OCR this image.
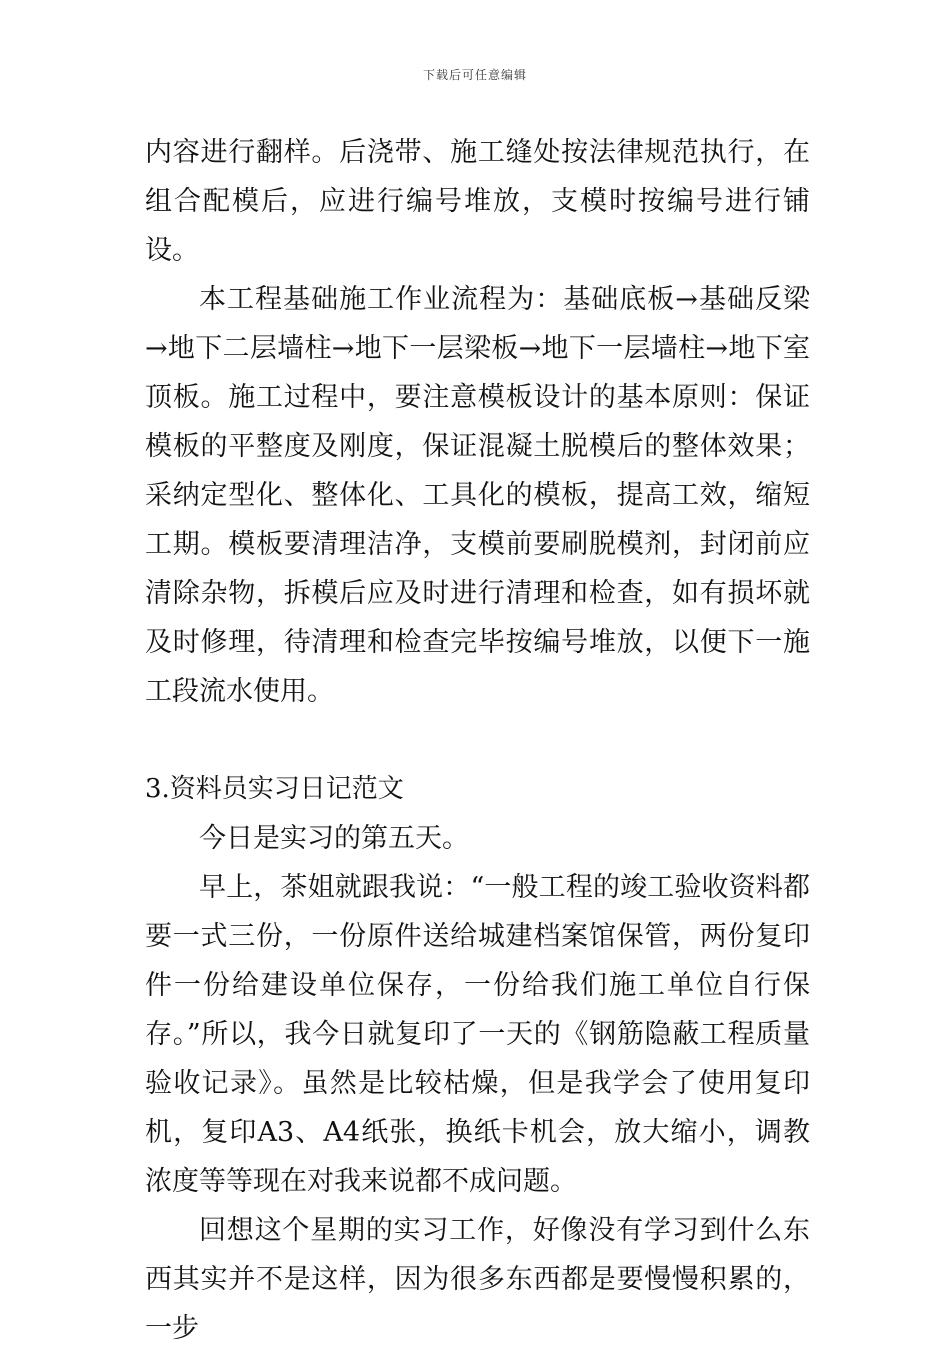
下载后可任意编辑

内容进行翻样。后浇带、施工缝处按法律规范执行，在组合配模后，应进行编号堆放，支模时按编号进行铺设。

本工程基础施工作业流程为：基础底板→基础反梁→地下二层墙柱→地下一层梁板→地下一层墙柱→地下室顶板。施工过程中，要注意模板设计的基本原则：保证模板的平整度及刚度，保证混凝土脱模后的整体效果；采纳定型化、整体化、工具化的模板，提高工效，缩短工期。模板要清理洁净，支模前要刷脱模剂，封闭前应清除杂物，拆模后应及时进行清理和检查，如有损坏就及时修理，待清理和检查完毕按编号堆放，以便下一施工段流水使用。

3.资料员实习日记范文

今日是实习的第五天。

早上，茶姐就跟我说：“一般工程的竣工验收资料都要一式三份，一份原件送给城建档案馆保管，两份复印件一份给建设单位保存，一份给我们施工单位自行保存。”所以，我今日就复印了一天的《钢筋隐蔽工程质量验收记录》。虽然是比较枯燥，但是我学会了使用复印机，复印A3、A4纸张，换纸卡机会，放大缩小，调教浓度等等现在对我来说都不成问题。

回想这个星期的实习工作，好像没有学习到什么东西其实并不是这样，因为很多东西都是要慢慢积累的，一步
